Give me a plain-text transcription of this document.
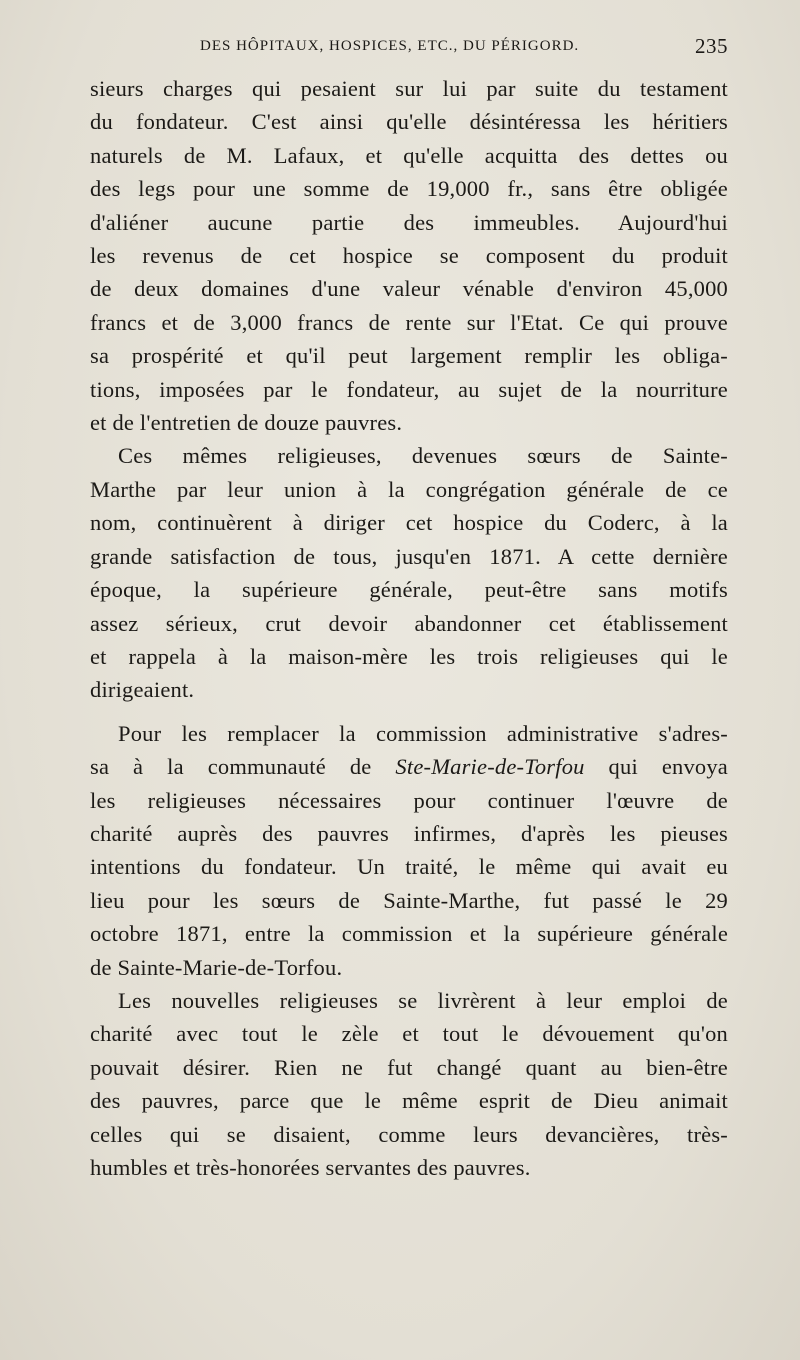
DES HÔPITAUX, HOSPICES, ETC., DU PÉRIGORD.	235

sieurs charges qui pesaient sur lui par suite du testament
du fondateur. C'est ainsi qu'elle désintéressa les héritiers
naturels de M. Lafaux, et qu'elle acquitta des dettes ou
des legs pour une somme de 19,000 fr., sans être obligée
d'aliéner aucune partie des immeubles. Aujourd'hui
les revenus de cet hospice se composent du produit
de deux domaines d'une valeur vénable d'environ 45,000
francs et de 3,000 francs de rente sur l'Etat. Ce qui prouve
sa prospérité et qu'il peut largement remplir les obliga-
tions, imposées par le fondateur, au sujet de la nourriture
et de l'entretien de douze pauvres.

Ces mêmes religieuses, devenues sœurs de Sainte-
Marthe par leur union à la congrégation générale de ce
nom, continuèrent à diriger cet hospice du Coderc, à la
grande satisfaction de tous, jusqu'en 1871. A cette dernière
époque, la supérieure générale, peut-être sans motifs
assez sérieux, crut devoir abandonner cet établissement
et rappela à la maison-mère les trois religieuses qui le
dirigeaient.

Pour les remplacer la commission administrative s'adres-
sa à la communauté de Ste-Marie-de-Torfou qui envoya
les religieuses nécessaires pour continuer l'œuvre de
charité auprès des pauvres infirmes, d'après les pieuses
intentions du fondateur. Un traité, le même qui avait eu
lieu pour les sœurs de Sainte-Marthe, fut passé le 29
octobre 1871, entre la commission et la supérieure générale
de Sainte-Marie-de-Torfou.

Les nouvelles religieuses se livrèrent à leur emploi de
charité avec tout le zèle et tout le dévouement qu'on
pouvait désirer. Rien ne fut changé quant au bien-être
des pauvres, parce que le même esprit de Dieu animait
celles qui se disaient, comme leurs devancières, très-
humbles et très-honorées servantes des pauvres.
